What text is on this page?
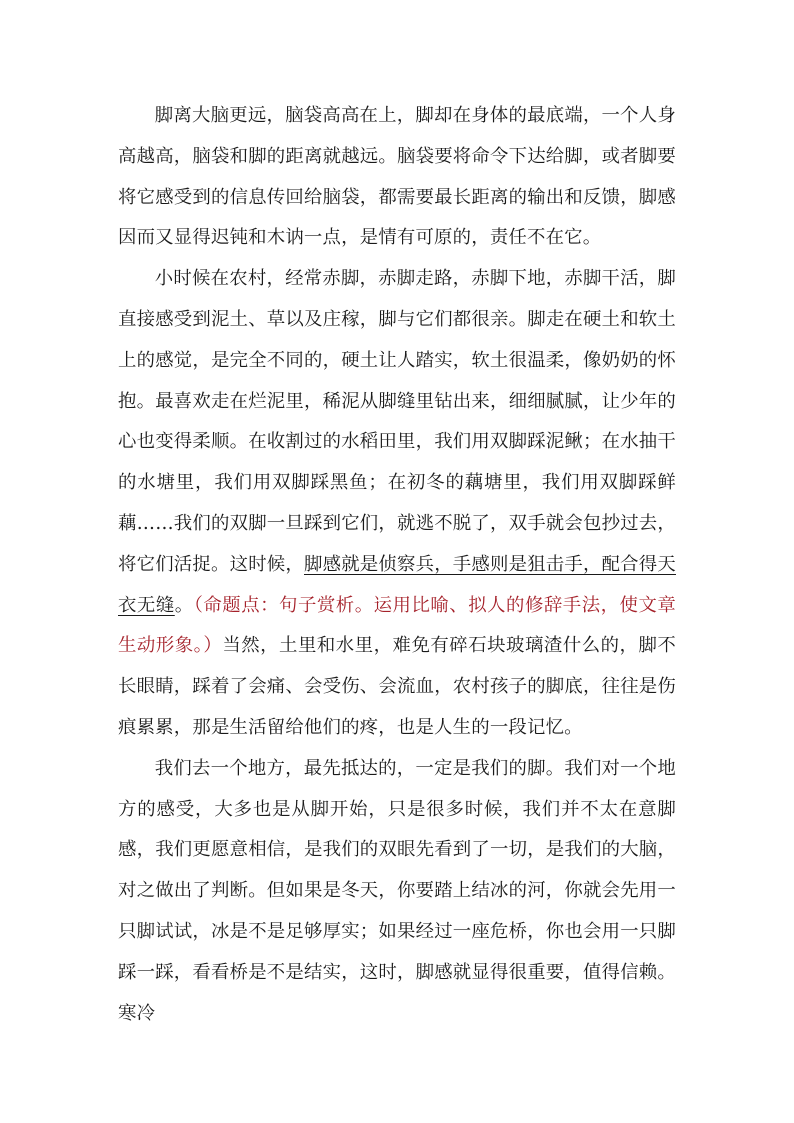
脚离大脑更远，脑袋高高在上，脚却在身体的最底端，一个人身高越高，脑袋和脚的距离就越远。脑袋要将命令下达给脚，或者脚要将它感受到的信息传回给脑袋，都需要最长距离的输出和反馈，脚感因而又显得迟钝和木讷一点，是情有可原的，责任不在它。

小时候在农村，经常赤脚，赤脚走路，赤脚下地，赤脚干活，脚直接感受到泥土、草以及庄稼，脚与它们都很亲。脚走在硬土和软土上的感觉，是完全不同的，硬土让人踏实，软土很温柔，像奶奶的怀抱。最喜欢走在烂泥里，稀泥从脚缝里钻出来，细细腻腻，让少年的心也变得柔顺。在收割过的水稻田里，我们用双脚踩泥鳅；在水抽干的水塘里，我们用双脚踩黑鱼；在初冬的藕塘里，我们用双脚踩鲜藕……我们的双脚一旦踩到它们，就逃不脱了，双手就会包抄过去，将它们活捉。这时候，脚感就是侦察兵，手感则是狙击手，配合得天衣无缝。（命题点：句子赏析。运用比喻、拟人的修辞手法，使文章生动形象。）当然，土里和水里，难免有碎石块玻璃渣什么的，脚不长眼睛，踩着了会痛、会受伤、会流血，农村孩子的脚底，往往是伤痕累累，那是生活留给他们的疼，也是人生的一段记忆。

我们去一个地方，最先抵达的，一定是我们的脚。我们对一个地方的感受，大多也是从脚开始，只是很多时候，我们并不太在意脚感，我们更愿意相信，是我们的双眼先看到了一切，是我们的大脑，对之做出了判断。但如果是冬天，你要踏上结冰的河，你就会先用一只脚试试，冰是不是足够厚实；如果经过一座危桥，你也会用一只脚踩一踩，看看桥是不是结实，这时，脚感就显得很重要，值得信赖。寒冷
